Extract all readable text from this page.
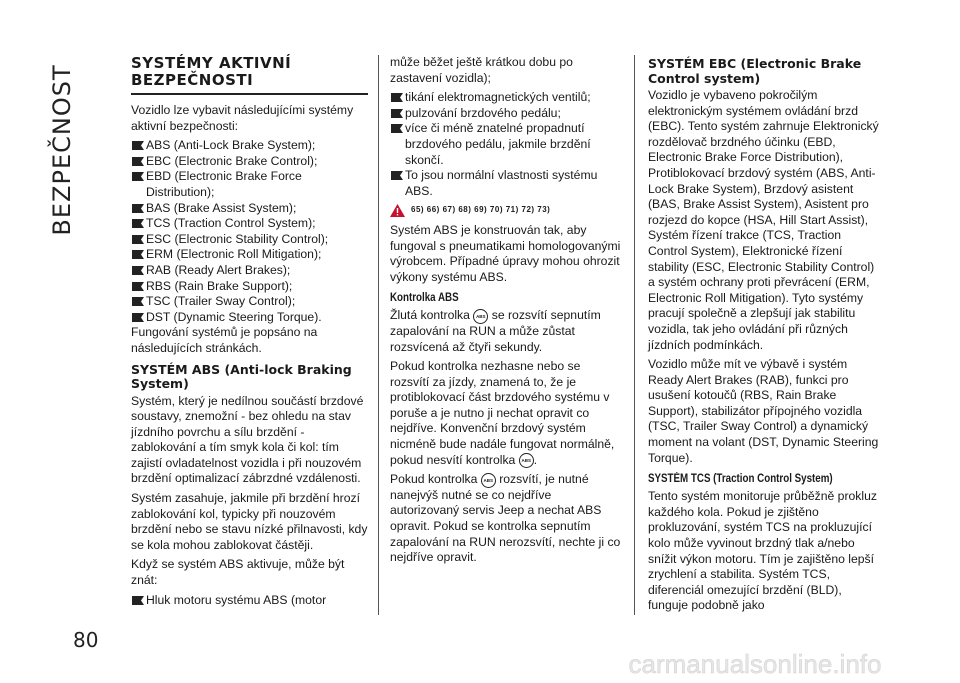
BEZPEČNOST
SYSTÉMY AKTIVNÍ BEZPEČNOSTI

Vozidlo lze vybavit následujícími systémy aktivní bezpečnosti:

ABS (Anti-Lock Brake System);
EBC (Electronic Brake Control);
EBD (Electronic Brake Force Distribution);
BAS (Brake Assist System);
TCS (Traction Control System);
ESC (Electronic Stability Control);
ERM (Electronic Roll Mitigation);
RAB (Ready Alert Brakes);
RBS (Rain Brake Support);
TSC (Trailer Sway Control);
DST (Dynamic Steering Torque).

Fungování systémů je popsáno na následujících stránkách.

SYSTÉM ABS (Anti-lock Braking System)

Systém, který je nedílnou součástí brzdové soustavy, znemožní - bez ohledu na stav jízdního povrchu a sílu brzdění - zablokování a tím smyk kola či kol: tím zajistí ovladatelnost vozidla i při nouzovém brzdění optimalizací zábrzdné vzdálenosti.

Systém zasahuje, jakmile při brzdění hrozí zablokování kol, typicky při nouzovém brzdění nebo se stavu nízké přilnavosti, kdy se kola mohou zablokovat částěji.

Když se systém ABS aktivuje, může být znát:

Hluk motoru systému ABS (motor

může běžet ještě krátkou dobu po zastavení vozidla);

tikání elektromagnetických ventilů;
pulzování brzdového pedálu;
více či méně znatelné propadnutí brzdového pedálu, jakmile brzdění skončí.
To jsou normální vlastnosti systému ABS.
65) 66) 67) 68) 69) 70) 71) 72) 73)

Systém ABS je konstruován tak, aby fungoval s pneumatikami homologovanými výrobcem. Případné úpravy mohou ohrozit výkony systému ABS.

Kontrolka ABS

Žlutá kontrolka ABS se rozsvítí sepnutím zapalování na RUN a může zůstat rozsvícená až čtyři sekundy.

Pokud kontrolka nezhasne nebo se rozsvítí za jízdy, znamená to, že je protiblokovací část brzdového systému v poruše a je nutno ji nechat opravit co nejdříve. Konvenční brzdový systém nicméně bude nadále fungovat normálně, pokud nesvítí kontrolka ABS .

Pokud kontrolka ABS rozsvítí, je nutné nanejvýš nutné se co nejdříve autorizovaný servis Jeep a nechat ABS opravit. Pokud se kontrolka sepnutím zapalování na RUN nerozsvítí, nechte ji co nejdříve opravit.

SYSTÉM EBC (Electronic Brake Control system)

Vozidlo je vybaveno pokročilým elektronickým systémem ovládání brzd (EBC). Tento systém zahrnuje Elektronický rozdělovač brzdného účinku (EBD, Electronic Brake Force Distribution), Protiblokovací brzdový systém (ABS, Anti-Lock Brake System), Brzdový asistent (BAS, Brake Assist System), Asistent pro rozjezd do kopce (HSA, Hill Start Assist), Systém řízení trakce (TCS, Traction Control System), Elektronické řízení stability (ESC, Electronic Stability Control) a systém ochrany proti převrácení (ERM, Electronic Roll Mitigation). Tyto systémy pracují společně a zlepšují jak stabilitu vozidla, tak jeho ovládání při různých jízdních podmínkách.

Vozidlo může mít ve výbavě i systém Ready Alert Brakes (RAB), funkci pro usušení kotoučů (RBS, Rain Brake Support), stabilizátor přípojného vozidla (TSC, Trailer Sway Control) a dynamický moment na volant (DST, Dynamic Steering Torque).

SYSTÉM TCS (Traction Control System)

Tento systém monitoruje průběžně prokluz každého kola. Pokud je zjištěno prokluzování, systém TCS na prokluzující kolo může vyvinout brzdný tlak a/nebo snížit výkon motoru. Tím je zajištěno lepší zrychlení a stabilita. Systém TCS, diferenciál omezující brzdění (BLD), funguje podobně jako

80
carmanualsonline.info
